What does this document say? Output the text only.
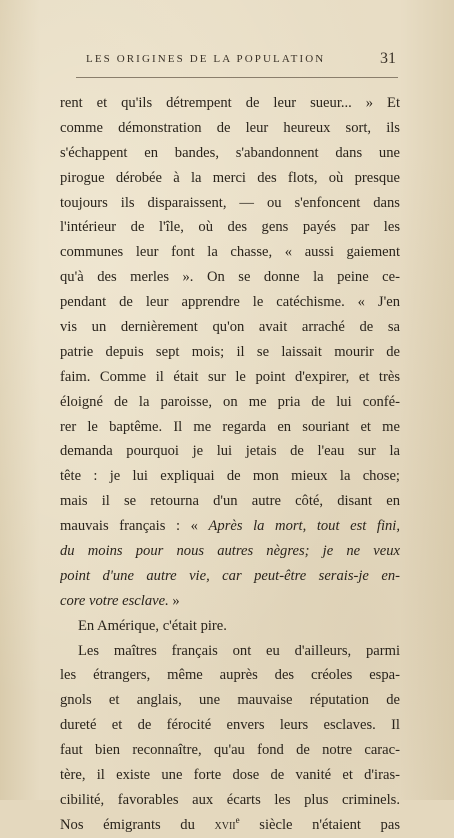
LES ORIGINES DE LA POPULATION	31
rent et qu'ils détrempent de leur sueur... » Et
comme démonstration de leur heureux sort, ils
s'échappent en bandes, s'abandonnent dans une
pirogue dérobée à la merci des flots, où presque
toujours ils disparaissent, — ou s'enfoncent dans
l'intérieur de l'île, où des gens payés par les
communes leur font la chasse, « aussi gaiement
qu'à des merles ». On se donne la peine ce-
pendant de leur apprendre le catéchisme. « J'en
vis un dernièrement qu'on avait arraché de sa
patrie depuis sept mois; il se laissait mourir de
faim. Comme il était sur le point d'expirer, et très
éloigné de la paroisse, on me pria de lui confé-
rer le baptême. Il me regarda en souriant et me
demanda pourquoi je lui jetais de l'eau sur la
tête : je lui expliquai de mon mieux la chose;
mais il se retourna d'un autre côté, disant en
mauvais français : « Après la mort, tout est fini,
du moins pour nous autres nègres; je ne veux
point d'une autre vie, car peut-être serais-je en-
core votre esclave. »
En Amérique, c'était pire.
Les maîtres français ont eu d'ailleurs, parmi
les étrangers, même auprès des créoles espa-
gnols et anglais, une mauvaise réputation de
dureté et de férocité envers leurs esclaves. Il
faut bien reconnaître, qu'au fond de notre carac-
tère, il existe une forte dose de vanité et d'iras-
cibilité, favorables aux écarts les plus criminels.
Nos émigrants du xvii$^e$ siècle n'étaient pas
